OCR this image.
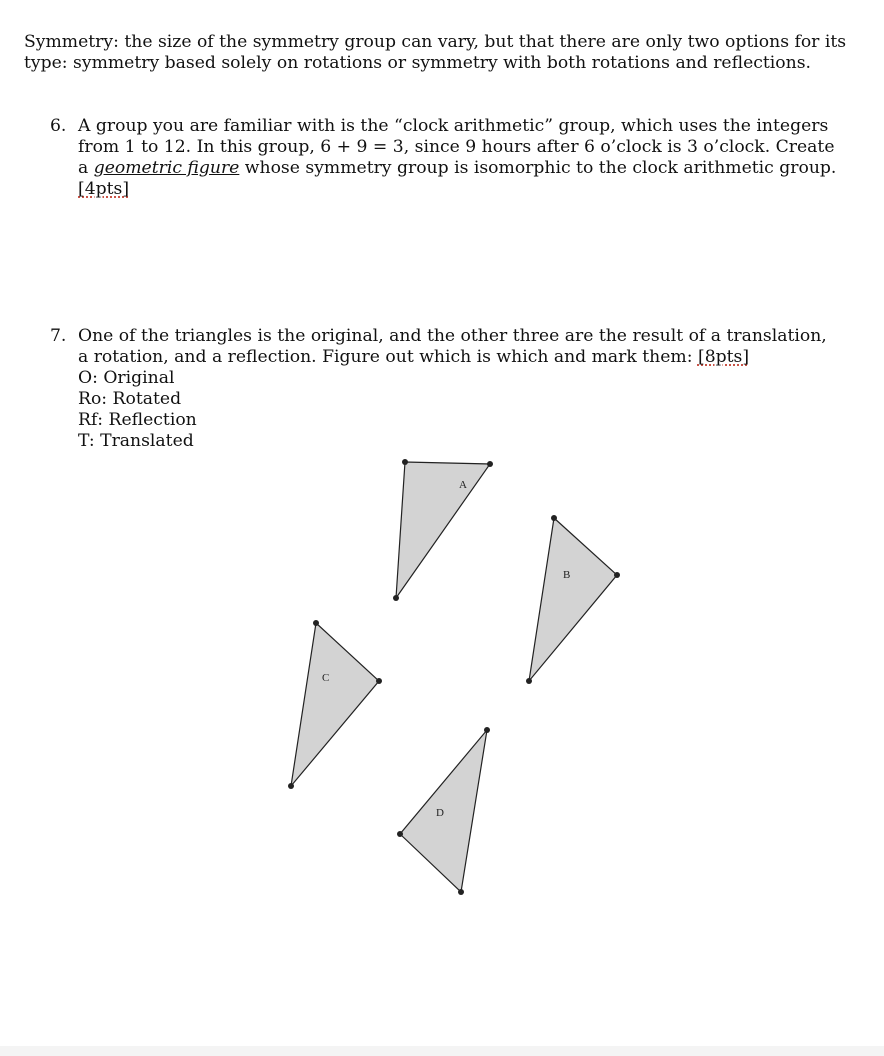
Symmetry: the size of the symmetry group can vary, but that there are only two options for its type: symmetry based solely on rotations or symmetry with both rotations and reflections.
6. A group you are familiar with is the “clock arithmetic” group, which uses the integers from 1 to 12. In this group, 6 + 9 = 3, since 9 hours after 6 o’clock is 3 o’clock. Create a geometric figure whose symmetry group is isomorphic to the clock arithmetic group.
[4pts]
7. One of the triangles is the original, and the other three are the result of a translation, a rotation, and a reflection. Figure out which is which and mark them: [8pts]
O: Original
Ro: Rotated
Rf: Reflection
T: Translated
A
B
C
D
